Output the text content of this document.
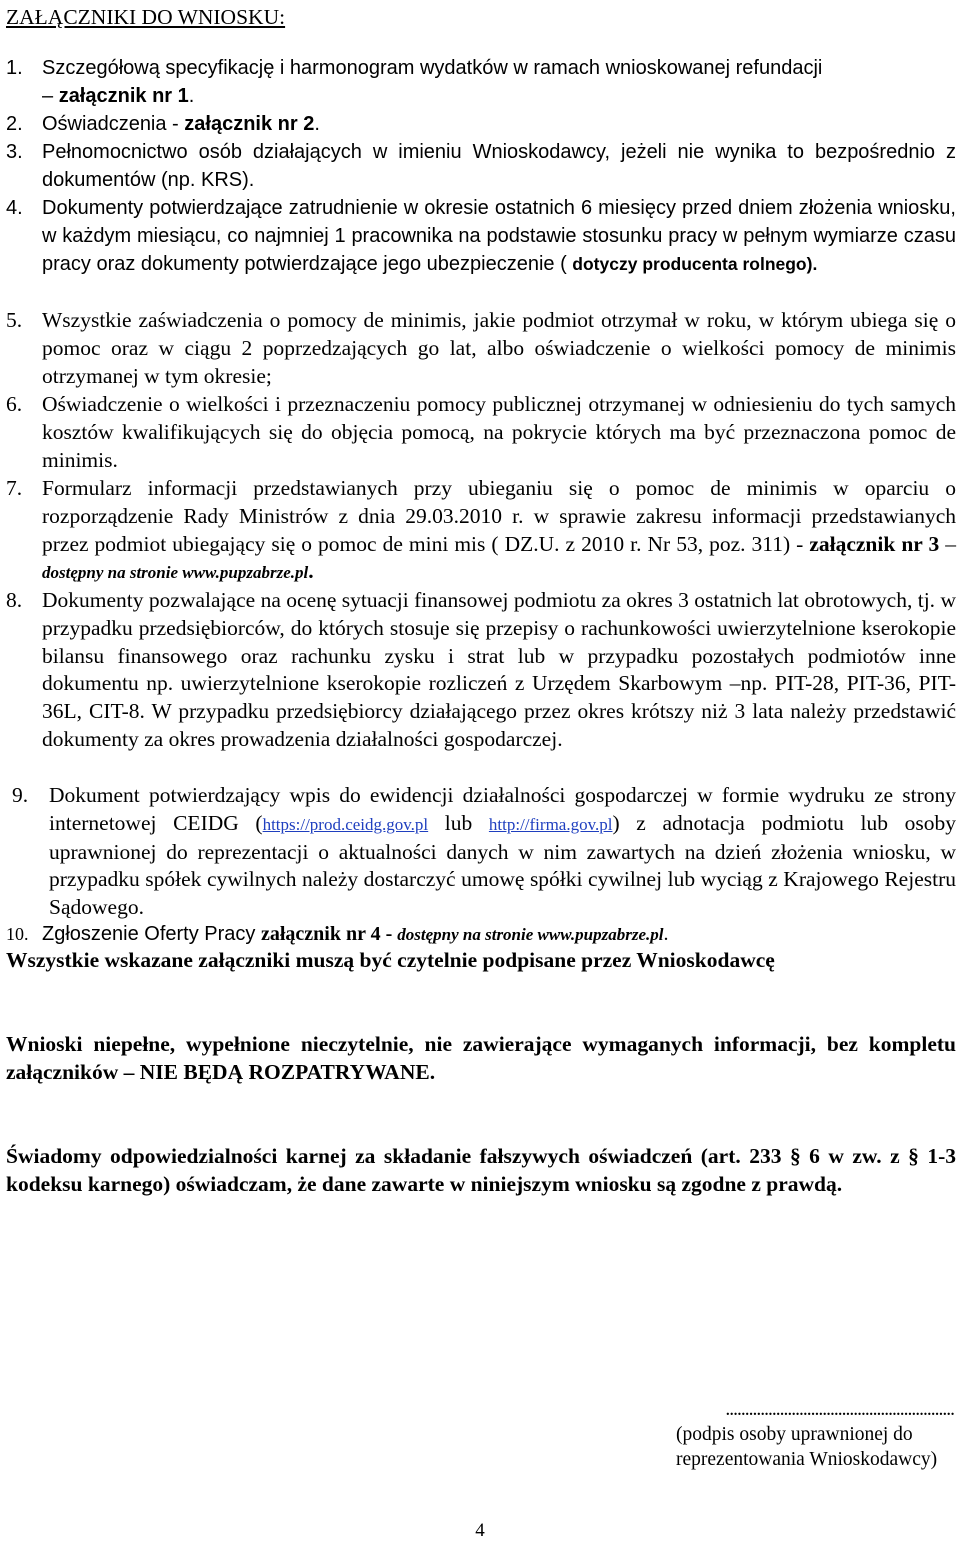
ZAŁĄCZNIKI DO WNIOSKU:
1. Szczegółową specyfikację i harmonogram wydatków w ramach wnioskowanej refundacji
– załącznik nr 1.
2. Oświadczenia - załącznik nr 2.
3. Pełnomocnictwo osób działających w imieniu Wnioskodawcy, jeżeli nie wynika to bezpośrednio z dokumentów (np. KRS).
4. Dokumenty potwierdzające zatrudnienie w okresie ostatnich 6 miesięcy przed dniem złożenia wniosku, w każdym miesiącu, co najmniej 1 pracownika na podstawie stosunku pracy w pełnym wymiarze czasu pracy oraz dokumenty potwierdzające jego ubezpieczenie ( dotyczy producenta rolnego).
5. Wszystkie zaświadczenia o pomocy de minimis, jakie podmiot otrzymał w roku, w którym ubiega się o pomoc oraz w ciągu 2 poprzedzających go lat, albo oświadczenie o wielkości pomocy de minimis otrzymanej w tym okresie;
6. Oświadczenie o wielkości i przeznaczeniu pomocy publicznej otrzymanej w odniesieniu do tych samych kosztów kwalifikujących się do objęcia pomocą, na pokrycie których ma być przeznaczona pomoc de minimis.
7. Formularz informacji przedstawianych przy ubieganiu się o pomoc de minimis w oparciu o rozporządzenie Rady Ministrów z dnia 29.03.2010 r. w sprawie zakresu informacji przedstawianych przez podmiot ubiegający się o pomoc de mini mis ( DZ.U. z 2010 r. Nr 53, poz. 311) - załącznik nr 3 – dostępny na stronie www.pupzabrze.pl.
8. Dokumenty pozwalające na ocenę sytuacji finansowej podmiotu za okres 3 ostatnich lat obrotowych, tj. w przypadku przedsiębiorców, do których stosuje się przepisy o rachunkowości uwierzytelnione kserokopie bilansu finansowego oraz rachunku zysku i strat lub w przypadku pozostałych podmiotów inne dokumentu np. uwierzytelnione kserokopie rozliczeń z Urzędem Skarbowym –np. PIT-28, PIT-36, PIT-36L, CIT-8. W przypadku przedsiębiorcy działającego przez okres krótszy niż 3 lata należy przedstawić dokumenty za okres prowadzenia działalności gospodarczej.
9. Dokument potwierdzający wpis do ewidencji działalności gospodarczej w formie wydruku ze strony internetowej CEIDG (https://prod.ceidg.gov.pl lub http://firma.gov.pl) z adnotacja podmiotu lub osoby uprawnionej do reprezentacji o aktualności danych w nim zawartych na dzień złożenia wniosku, w przypadku spółek cywilnych należy dostarczyć umowę spółki cywilnej lub wyciąg z Krajowego Rejestru Sądowego.
10. Zgłoszenie Oferty Pracy załącznik nr 4 - dostępny na stronie www.pupzabrze.pl.
Wszystkie wskazane załączniki muszą być czytelnie podpisane przez Wnioskodawcę
Wnioski niepełne, wypełnione nieczytelnie, nie zawierające wymaganych informacji, bez kompletu załączników – NIE BĘDĄ ROZPATRYWANE.
Świadomy odpowiedzialności karnej za składanie fałszywych oświadczeń (art. 233 § 6 w zw. z § 1-3 kodeksu karnego) oświadczam, że dane zawarte w niniejszym wniosku są zgodne z prawdą.
...........................................................
(podpis osoby uprawnionej do reprezentowania Wnioskodawcy)
4
